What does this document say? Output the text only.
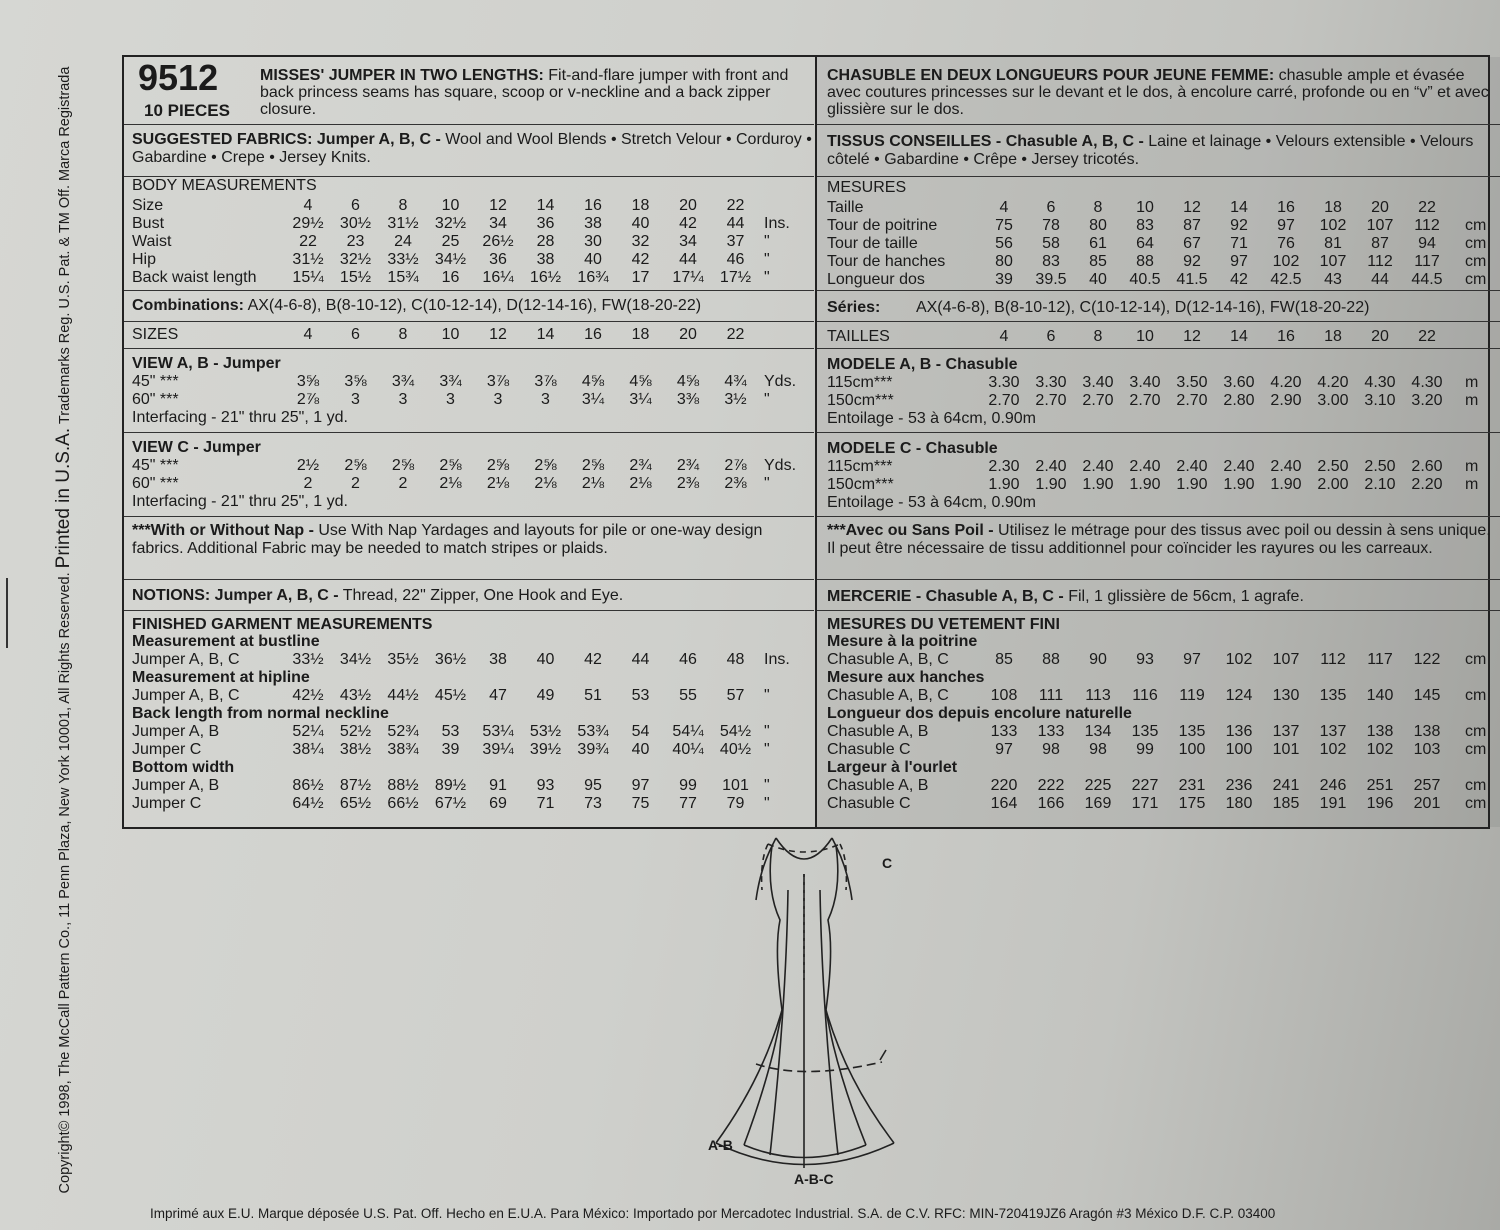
Copyright© 1998, The McCall Pattern Co., 11 Penn Plaza, New York 10001, All Rights Reserved. Printed in U.S.A. Trademarks Reg. U.S. Pat. & TM Off. Marca Registrada 9512
10 PIECES
MISSES' JUMPER IN TWO LENGTHS: Fit-and-flare jumper with front and back princess seams has square, scoop or v-neckline and a back zipper closure.
SUGGESTED FABRICS: Jumper A, B, C - Wool and Wool Blends • Stretch Velour • Corduroy • Gabardine • Crepe • Jersey Knits.
BODY MEASUREMENTS
Size	4	6	8	10	12	14	16	18	20	22
Bust	29½	30½	31½	32½	34	36	38	40	42	44	Ins.
Waist	22	23	24	25	26½	28	30	32	34	37	"
Hip	31½	32½	33½	34½	36	38	40	42	44	46	"
Back waist length	15¼	15½	15¾	16	16¼	16½	16¾	17	17¼	17½ "
Combinations: AX(4-6-8), B(8-10-12), C(10-12-14), D(12-14-16), FW(18-20-22)
SIZES	4	6	8	10	12	14	16	18	20	22
VIEW A, B - Jumper
45" ***	3⅝	3⅝	3¾	3¾	3⅞	3⅞	4⅝	4⅝	4⅝	4¾	Yds.
60" ***	2⅞	3	3	3	3	3	3¼	3¼	3⅜	3½	"
Interfacing - 21" thru 25", 1 yd.
VIEW C - Jumper
45" ***	2½	2⅝	2⅝	2⅝	2⅝	2⅝	2⅝	2¾	2¾	2⅞	Yds.
60" ***	2	2	2	2⅛	2⅛	2⅛	2⅛	2⅛	2⅜	2⅜	"
Interfacing - 21" thru 25", 1 yd.
***With or Without Nap - Use With Nap Yardages and layouts for pile or one-way design fabrics. Additional Fabric may be needed to match stripes or plaids.
NOTIONS: Jumper A, B, C - Thread, 22" Zipper, One Hook and Eye.
FINISHED GARMENT MEASUREMENTS
Measurement at bustline
Jumper A, B, C	33½	34½	35½	36½	38	40	42	44	46	48	Ins.
Measurement at hipline
Jumper A, B, C	42½	43½	44½	45½	47	49	51	53	55	57	"
Back length from normal neckline
Jumper A, B	52¼	52½	52¾	53	53¼	53½	53¾	54	54¼	54½ "
Jumper C	38¼	38½	38¾	39	39¼	39½	39¾	40	40¼	40½ "
Bottom width
Jumper A, B	86½	87½	88½	89½	91	93	95	97	99	101 "
Jumper C	64½	65½	66½	67½	69	71	73	75	77	79	"
CHASUBLE EN DEUX LONGUEURS POUR JEUNE FEMME: chasuble ample et évasée avec coutures princesses sur le devant et le dos, à encolure carré, profonde ou en “v” et avec glissière sur le dos.
TISSUS CONSEILLES - Chasuble A, B, C - Laine et lainage • Velours extensible • Velours côtelé • Gabardine • Crêpe • Jersey tricotés.
MESURES
Taille	4	6	8	10	12	14	16	18	20	22
Tour de poitrine	75	78	80	83	87	92	97	102	107	112	cm
Tour de taille	56	58	61	64	67	71	76	81	87	94	cm
Tour de hanches	80	83	85	88	92	97	102	107	112	117	cm
Longueur dos	39	39.5	40	40.5 41.5	42	42.5	43	44	44.5	cm
Séries: AX(4-6-8), B(8-10-12), C(10-12-14), D(12-14-16), FW(18-20-22)
TAILLES	4	6	8	10	12	14	16	18	20	22
MODELE A, B - Chasuble
115cm***	3.30 3.30 3.40 3.40 3.50 3.60 4.20 4.20 4.30 4.30	m
150cm***	2.70 2.70 2.70 2.70 2.70 2.80 2.90 3.00 3.10 3.20	m
Entoilage - 53 à 64cm, 0.90m
MODELE C - Chasuble
115cm***	2.30 2.40 2.40 2.40 2.40 2.40 2.40 2.50 2.50 2.60	m
150cm***	1.90 1.90 1.90 1.90 1.90 1.90 1.90 2.00 2.10 2.20	m
Entoilage - 53 à 64cm, 0.90m
***Avec ou Sans Poil - Utilisez le métrage pour des tissus avec poil ou dessin à sens unique. Il peut être nécessaire de tissu additionnel pour coïncider les rayures ou les carreaux.
MERCERIE - Chasuble A, B, C - Fil, 1 glissière de 56cm, 1 agrafe.
MESURES DU VETEMENT FINI
Mesure à la poitrine
Chasuble A, B, C	85	88	90	93	97	102	107	112	117	122	cm
Mesure aux hanches
Chasuble A, B, C	108	111	113	116	119	124	130	135	140	145	cm
Longueur dos depuis encolure naturelle
Chasuble A, B	133	133	134	135	135	136	137	137	138	138	cm
Chasuble C	97	98	98	99	100	100	101	102	102	103	cm
Largeur à l'ourlet
Chasuble A, B	220	222	225	227	231	236	241	246	251	257	cm
Chasuble C	164	166	169	171	175	180	185	191	196	201	cm
C
A-B
A-B-C
Imprimé aux E.U. Marque déposée U.S. Pat. Off. Hecho en E.U.A. Para México: Importado por Mercadotec Industrial. S.A. de C.V. RFC: MIN-720419JZ6 Aragón #3 México D.F. C.P. 03400
